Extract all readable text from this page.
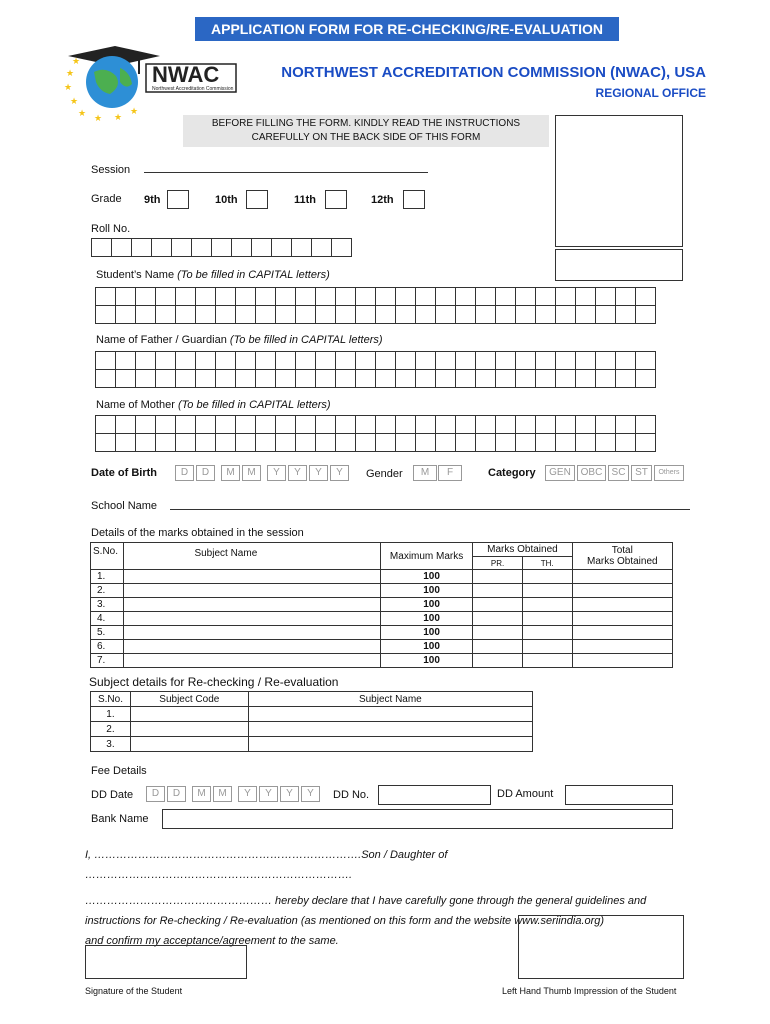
APPLICATION FORM FOR RE-CHECKING/RE-EVALUATION
★
★
★
★ ★ ★
★
★
NWAC
Northwest Accreditation Commission
NORTHWEST ACCREDITATION COMMISSION (NWAC), USA
REGIONAL OFFICE
BEFORE FILLING THE FORM. KINDLY READ THE INSTRUCTIONS
CAREFULLY ON THE BACK SIDE OF THIS FORM
Session
Grade 9th	10th	11th	12th
Roll No.
Student’s Name (To be filled in CAPITAL letters)
Name of Father / Guardian (To be filled in CAPITAL letters)
Name of Mother (To be filled in CAPITAL letters)
Date of Birth	D	D	M	M	Y	Y	Y	Y	Gender	M	F	Category	GEN OBC SC ST	Others
School Name
Details of the marks obtained in the session
S.No.	Subject Name	Maximum Marks	Marks Obtained		Total
Marks Obtained

			PR.	TH.	
1.		100			
2.		100			
3.		100			
4.		100			
5.		100			
6.		100			
7.		100			
Subject details for Re-checking / Re-evaluation
S.No.	Subject Code	Subject Name
1.		
2.		
3.		
Fee Details
DD Date	D	D	M	M	Y	Y	Y	Y	DD No.	DD Amount
Bank Name
I, ……………………………………………………………….Son / Daughter of ……………………………………………………………….
…………………………………………… hereby declare that I have carefully gone through the general guidelines and
instructions for Re-checking / Re-evaluation (as mentioned on this form and the website www.seriindia.org)
and confirm my acceptance/agreement to the same.
Signature of the Student	Left Hand Thumb Impression of the Student
